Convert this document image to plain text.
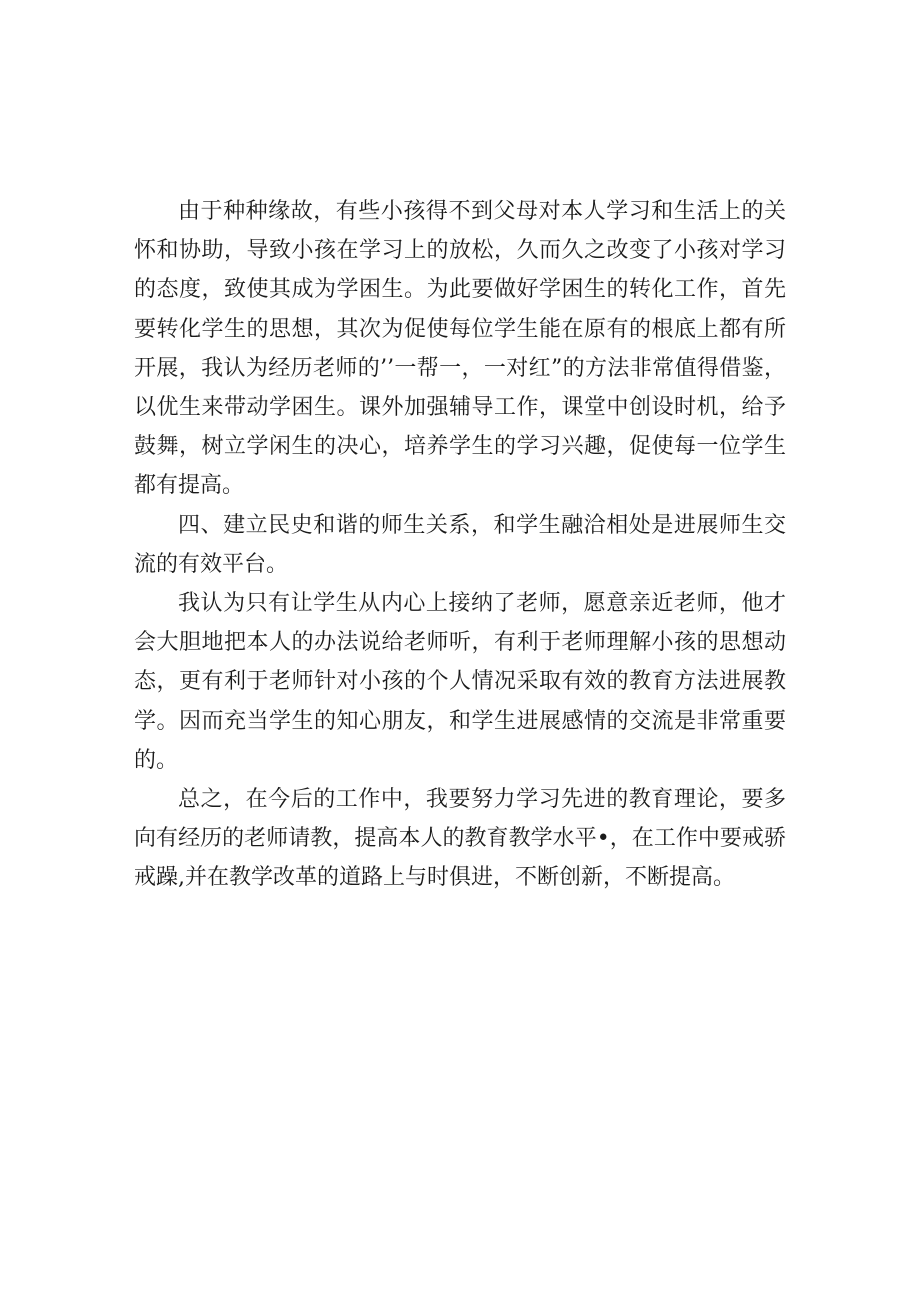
由于种种缘故，有些小孩得不到父母对本人学习和生活上的关怀和协助，导致小孩在学习上的放松，久而久之改变了小孩对学习的态度，致使其成为学困生。为此要做好学困生的转化工作，首先要转化学生的思想，其次为促使每位学生能在原有的根底上都有所开展，我认为经历老师的’’一帮一，一对红”的方法非常值得借鉴，以优生来带动学困生。课外加强辅导工作，课堂中创设时机，给予鼓舞，树立学闲生的决心，培养学生的学习兴趣，促使每一位学生都有提高。

四、建立民史和谐的师生关系，和学生融洽相处是进展师生交流的有效平台。

我认为只有让学生从内心上接纳了老师，愿意亲近老师，他才会大胆地把本人的办法说给老师听，有利于老师理解小孩的思想动态，更有利于老师针对小孩的个人情况采取有效的教育方法进展教学。因而充当学生的知心朋友，和学生进展感情的交流是非常重要的。

总之，在今后的工作中，我要努力学习先进的教育理论，要多向有经历的老师请教，提高本人的教育教学水平•，在工作中要戒骄戒躁,并在教学改革的道路上与时俱进，不断创新，不断提高。
